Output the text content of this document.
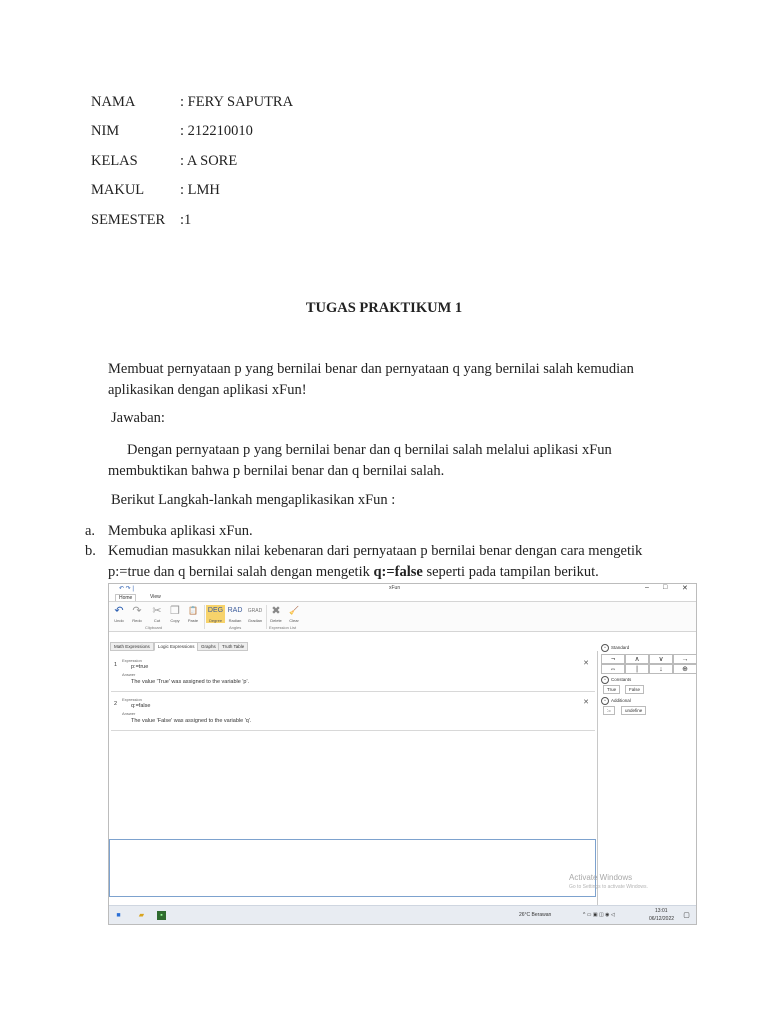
NAMA	: FERY SAPUTRA
NIM	: 212210010
KELAS	: A SORE
MAKUL : LMH
SEMESTER :1
TUGAS PRAKTIKUM 1
Membuat pernyataan p yang bernilai benar dan pernyataan q yang bernilai salah kemudian
aplikasikan dengan aplikasi xFun!
Jawaban:
Dengan pernyataan p yang bernilai benar dan q bernilai salah melalui aplikasi xFun
membuktikan bahwa p bernilai benar dan q bernilai salah.
Berikut Langkah-lankah mengaplikasikan xFun :
a. Membuka aplikasi xFun.
b. Kemudian masukkan nilai kebenaran dari pernyataan p bernilai benar dengan cara mengetik
p:=true dan q bernilai salah dengan mengetik q:=false seperti pada tampilan berikut.
↶ ↷ |	xFun	– □ ✕
Home	View
↶
Undo
↷
Redo
✂
Cut
❐
Copy
📋
Paste
DEG
Degree
RAD
Radian
GRAD
Gradian
✖
Delete
🧹
Clear
Clipboard	Angles	Expression List
Math Expressions	Logic Expressions	Graphs	Truth Table
1
Expression
p:=true
Answer
The value 'True' was assigned to the variable 'p'.
✕
2
Expression
q:=false
Answer
The value 'False' was assigned to the variable 'q'.
✕
^ Standard
¬	∧	∨	→
⇔	|	↓	⊕
^ Constants
True	False
^ Additional
:=	undefine
Activate Windows
Go to Settings to activate Windows.
■	▰	▪	26°C Berawan	^ ▭ ▣ ◫ ◉ ◁
13:01
06/12/2022 ▢
